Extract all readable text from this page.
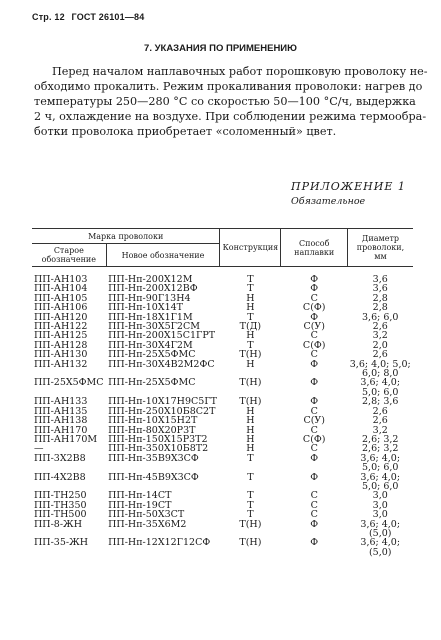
Стр. 12 ГОСТ 26101—84
7. УКАЗАНИЯ ПО ПРИМЕНЕНИЮ
Перед началом наплавочных работ порошковую проволоку не-
обходимо прокалить. Режим прокаливания проволоки: нагрев до
температуры 250—280 °С со скоростью 50—100 °С/ч, выдержка
2 ч, охлаждение на воздухе. При соблюдении режима термообра-
ботки проволока приобретает «соломенный» цвет.
ПРИЛОЖЕНИЕ 1
Обязательное
Марка проволоки		Конструкция	Способ наплавки	Диаметр проволоки, мм
Старое обозначение	Новое обозначение			

ПП-АН103	ПП-Нп-200Х12М	Т	Ф	3,6

ПП-АН104	ПП-Нп-200Х12ВФ	Т	Ф	3,6

ПП-АН105	ПП-Нп-90Г13Н4	Н	С	2,8

ПП-АН106	ПП-Нп-10Х14Т	Н	С(Ф)	2,8

ПП-АН120	ПП-Нп-18Х1Г1М	Т	Ф	3,6; 6,0

ПП-АН122	ПП-Нп-30Х5Г2СМ	Т(Д)	С(У)	2,6

ПП-АН125	ПП-Нп-200Х15С1ГРТ	Н	С	3,2

ПП-АН128	ПП-Нп-30Х4Г2М	Т	С(Ф)	2,0

ПП-АН130	ПП-Нп-25Х5ФМС	Т(Н)	С	2,6

ПП-АН132	ПП-Нп-30Х4В2М2ФС	Н	Ф	3,6; 4,0; 5,0;
6,0; 8,0

ПП-25Х5ФМС	ПП-Нп-25Х5ФМС	Т(Н)	Ф	3,6; 4,0;
5,0; 6,0

ПП-АН133	ПП-Нп-10Х17Н9С5ГТ	Т(Н)	Ф	2,8; 3,6

ПП-АН135	ПП-Нп-250Х10Б8С2Т	Н	С	2,6

ПП-АН138	ПП-Нп-10Х15Н2Т	Н	С(У)	2,6

ПП-АН170	ПП-Нп-80Х20Р3Т	Н	С	3,2

ПП-АН170М	ПП-Нп-150Х15Р3Т2	Н	С(Ф)	2,6; 3,2

—	ПП-Нп-350Х10Б8Т2	Н	С	2,6; 3,2

ПП-3Х2В8	ПП-Нп-35В9Х3СФ	Т	Ф	3,6; 4,0;
5,0; 6,0

ПП-4Х2В8	ПП-Нп-45В9Х3СФ	Т	Ф	3,6; 4,0;
5,0; 6,0

ПП-ТН250	ПП-Нп-14СТ	Т	С	3,0

ПП-ТН350	ПП-Нп-19СТ	Т	С	3,0

ПП-ТН500	ПП-Нп-50Х3СТ	Т	С	3,0

ПП-8-ЖН	ПП-Нп-35Х6М2	Т(Н)	Ф	3,6; 4,0;
(5,0)

ПП-35-ЖН	ПП-Нп-12Х12Г12СФ	Т(Н)	Ф	3,6; 4,0;
(5,0)
